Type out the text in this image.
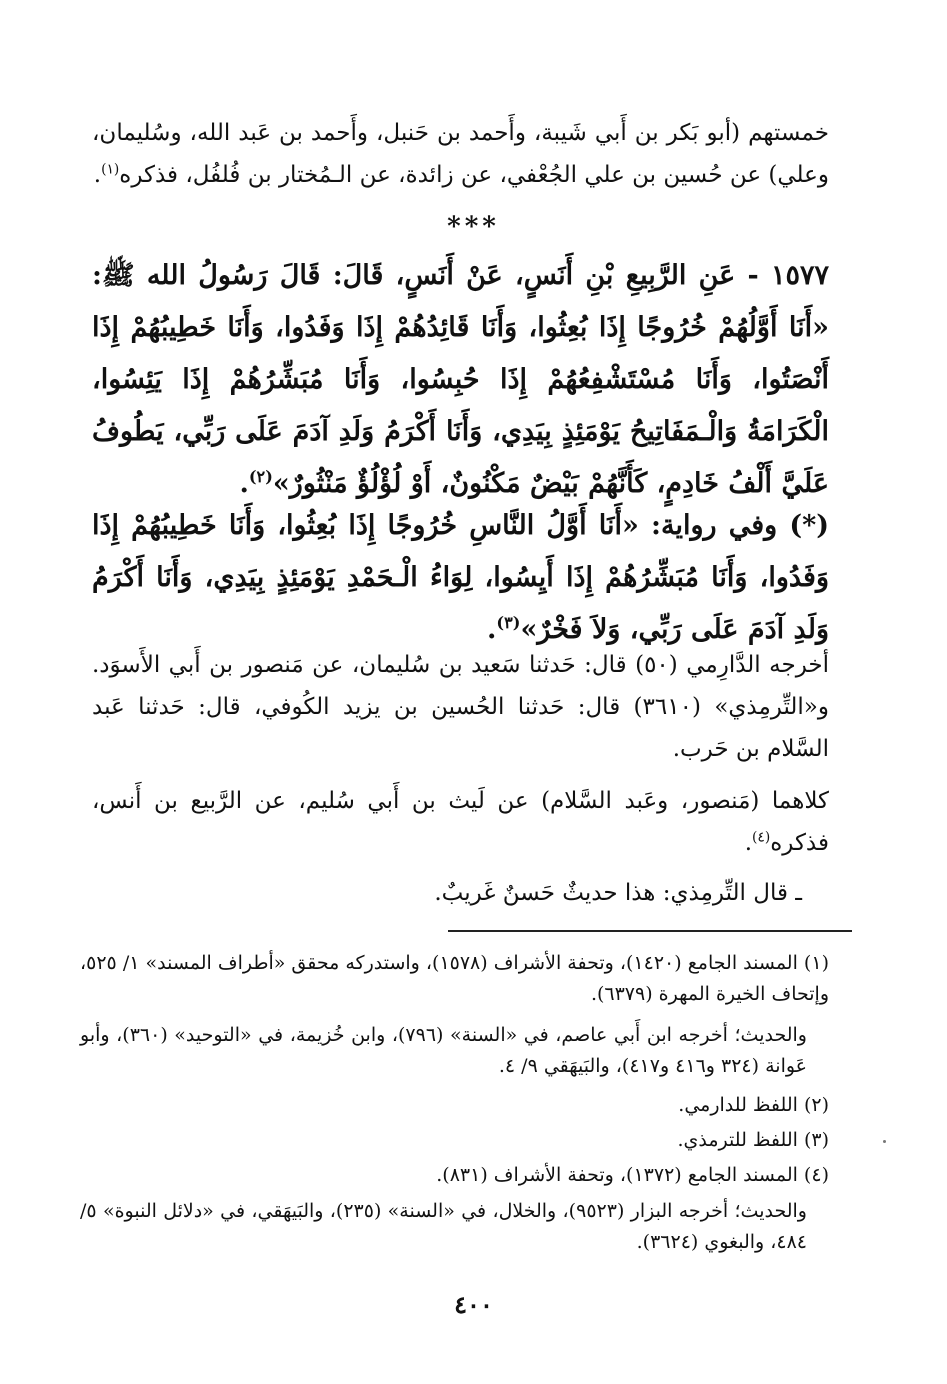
خمستهم (أبو بَكر بن أَبي شَيبة، وأَحمد بن حَنبل، وأَحمد بن عَبد الله، وسُليمان، وعلي) عن حُسين بن علي الجُعْفي، عن زائدة، عن الـمُختار بن فُلفُل، فذكره$^{(١)}$.

***

١٥٧٧ - عَنِ الرَّبِيعِ بْنِ أَنَسٍ، عَنْ أَنَسٍ، قَالَ: قَالَ رَسُولُ الله ﷺ: «أَنَا أَوَّلُهُمْ خُرُوجًا إِذَا بُعِثُوا، وَأَنَا قَائِدُهُمْ إِذَا وَفَدُوا، وَأَنَا خَطِيبُهُمْ إِذَا أَنْصَتُوا، وَأَنَا مُسْتَشْفِعُهُمْ إِذَا حُبِسُوا، وَأَنَا مُبَشِّرُهُمْ إِذَا يَئِسُوا، الْكَرَامَةُ وَالْـمَفَاتِيحُ يَوْمَئِذٍ بِيَدِي، وَأَنَا أَكْرَمُ وَلَدِ آدَمَ عَلَى رَبِّي، يَطُوفُ عَلَيَّ أَلْفُ خَادِمٍ، كَأَنَّهُمْ بَيْضٌ مَكْنُونٌ، أَوْ لُؤْلُؤٌ مَنْثُورٌ»$^{(٢)}$.

(*) وفي رواية: «أَنَا أَوَّلُ النَّاسِ خُرُوجًا إِذَا بُعِثُوا، وَأَنَا خَطِيبُهُمْ إِذَا وَفَدُوا، وَأَنَا مُبَشِّرُهُمْ إِذَا أَيِسُوا، لِوَاءُ الْـحَمْدِ يَوْمَئِذٍ بِيَدِي، وَأَنَا أَكْرَمُ وَلَدِ آدَمَ عَلَى رَبِّي، وَلاَ فَخْرٌ»$^{(٣)}$.

أخرجه الدَّارِمي (٥٠) قال: حَدثنا سَعيد بن سُليمان، عن مَنصور بن أَبي الأَسوَد. و«التِّرمِذي» (٣٦١٠) قال: حَدثنا الحُسين بن يزيد الكُوفي، قال: حَدثنا عَبد السَّلام بن حَرب.

كلاهما (مَنصور، وعَبد السَّلام) عن لَيث بن أَبي سُليم، عن الرَّبيع بن أَنس، فذكره$^{(٤)}$.

ـ قال التِّرمِذي: هذا حديثٌ حَسنٌ غَريبٌ.

(١) المسند الجامع (١٤٢٠)، وتحفة الأشراف (١٥٧٨)، واستدركه محقق «أطراف المسند» ١/ ٥٢٥، وإتحاف الخيرة المهرة (٦٣٧٩).

والحديث؛ أخرجه ابن أَبي عاصم، في «السنة» (٧٩٦)، وابن خُزيمة، في «التوحيد» (٣٦٠)، وأبو عَوانة (٣٢٤ و٤١٦ و٤١٧)، والبَيهَقي ٩/ ٤.

(٢) اللفظ للدارمي.

(٣) اللفظ للترمذي.

(٤) المسند الجامع (١٣٧٢)، وتحفة الأشراف (٨٣١).

والحديث؛ أخرجه البزار (٩٥٢٣)، والخلال، في «السنة» (٢٣٥)، والبَيهَقي، في «دلائل النبوة» ٥/ ٤٨٤، والبغوي (٣٦٢٤).

٤٠٠
